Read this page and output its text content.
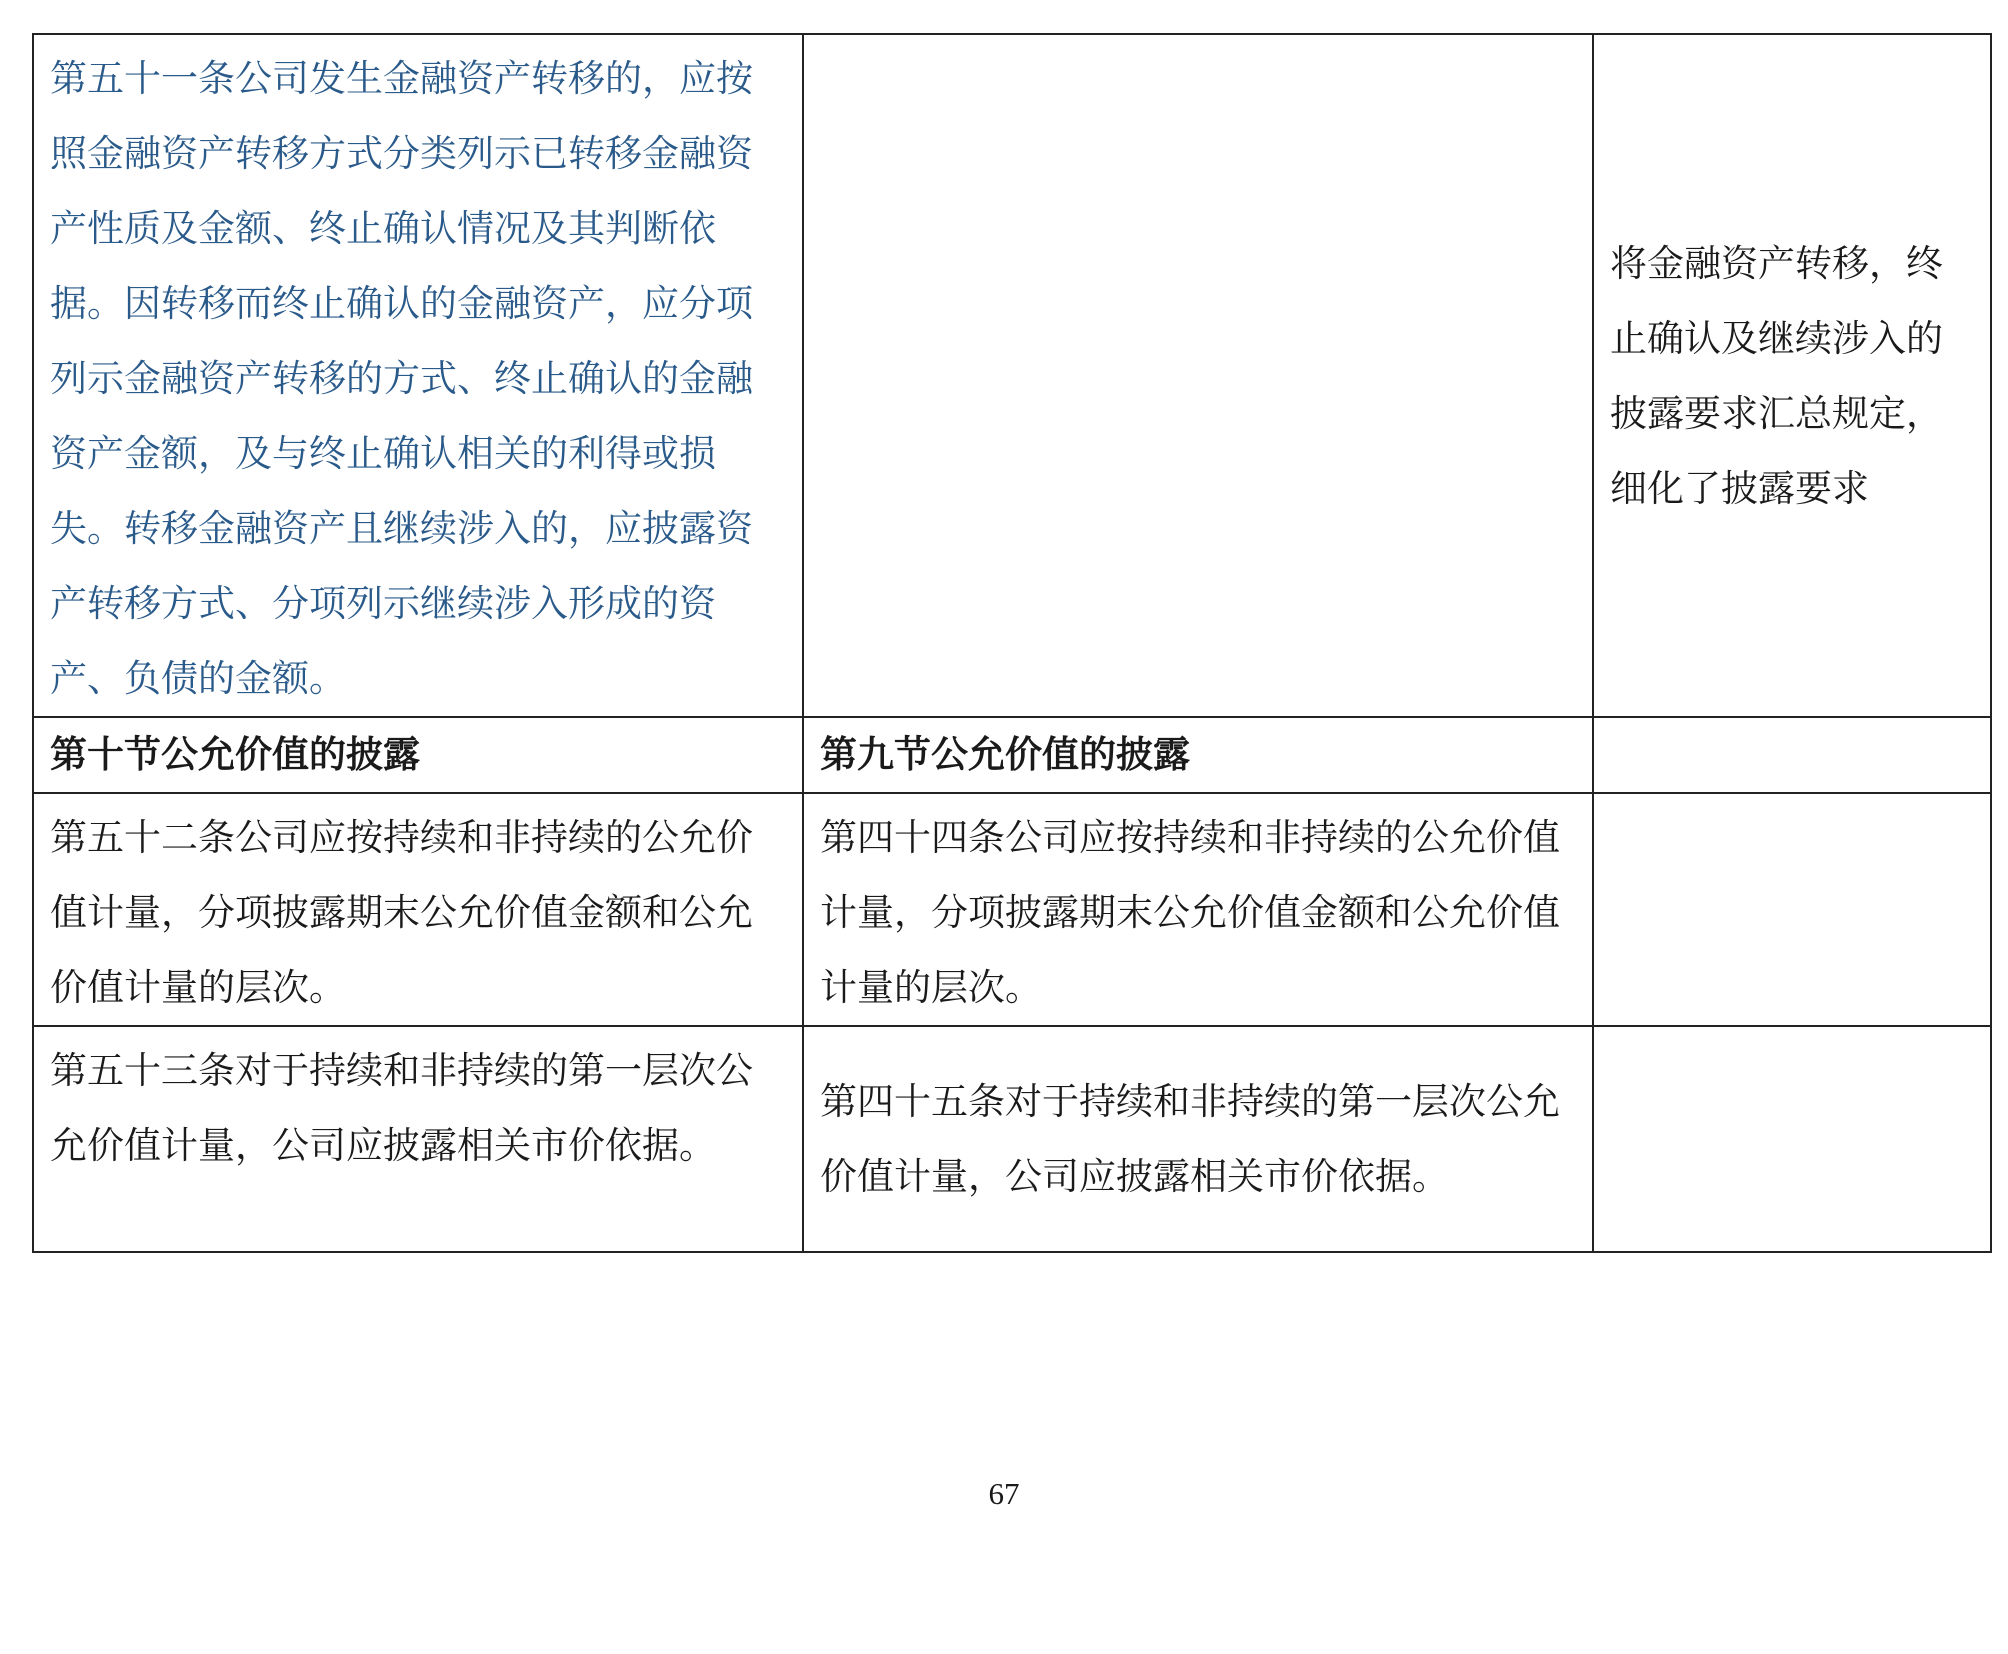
第五十一条公司发生金融资产转移的，应按照金融资产转移方式分类列示已转移金融资产性质及金额、终止确认情况及其判断依据。因转移而终止确认的金融资产，应分项列示金融资产转移的方式、终止确认的金融资产金额，及与终止确认相关的利得或损失。转移金融资产且继续涉入的，应披露资产转移方式、分项列示继续涉入形成的资产、负债的金额。		将金融资产转移，终止确认及继续涉入的披露要求汇总规定，细化了披露要求
第十节公允价值的披露	第九节公允价值的披露	
第五十二条公司应按持续和非持续的公允价值计量，分项披露期末公允价值金额和公允价值计量的层次。	第四十四条公司应按持续和非持续的公允价值计量，分项披露期末公允价值金额和公允价值计量的层次。	
第五十三条对于持续和非持续的第一层次公允价值计量，公司应披露相关市价依据。	第四十五条对于持续和非持续的第一层次公允价值计量，公司应披露相关市价依据。	
67
